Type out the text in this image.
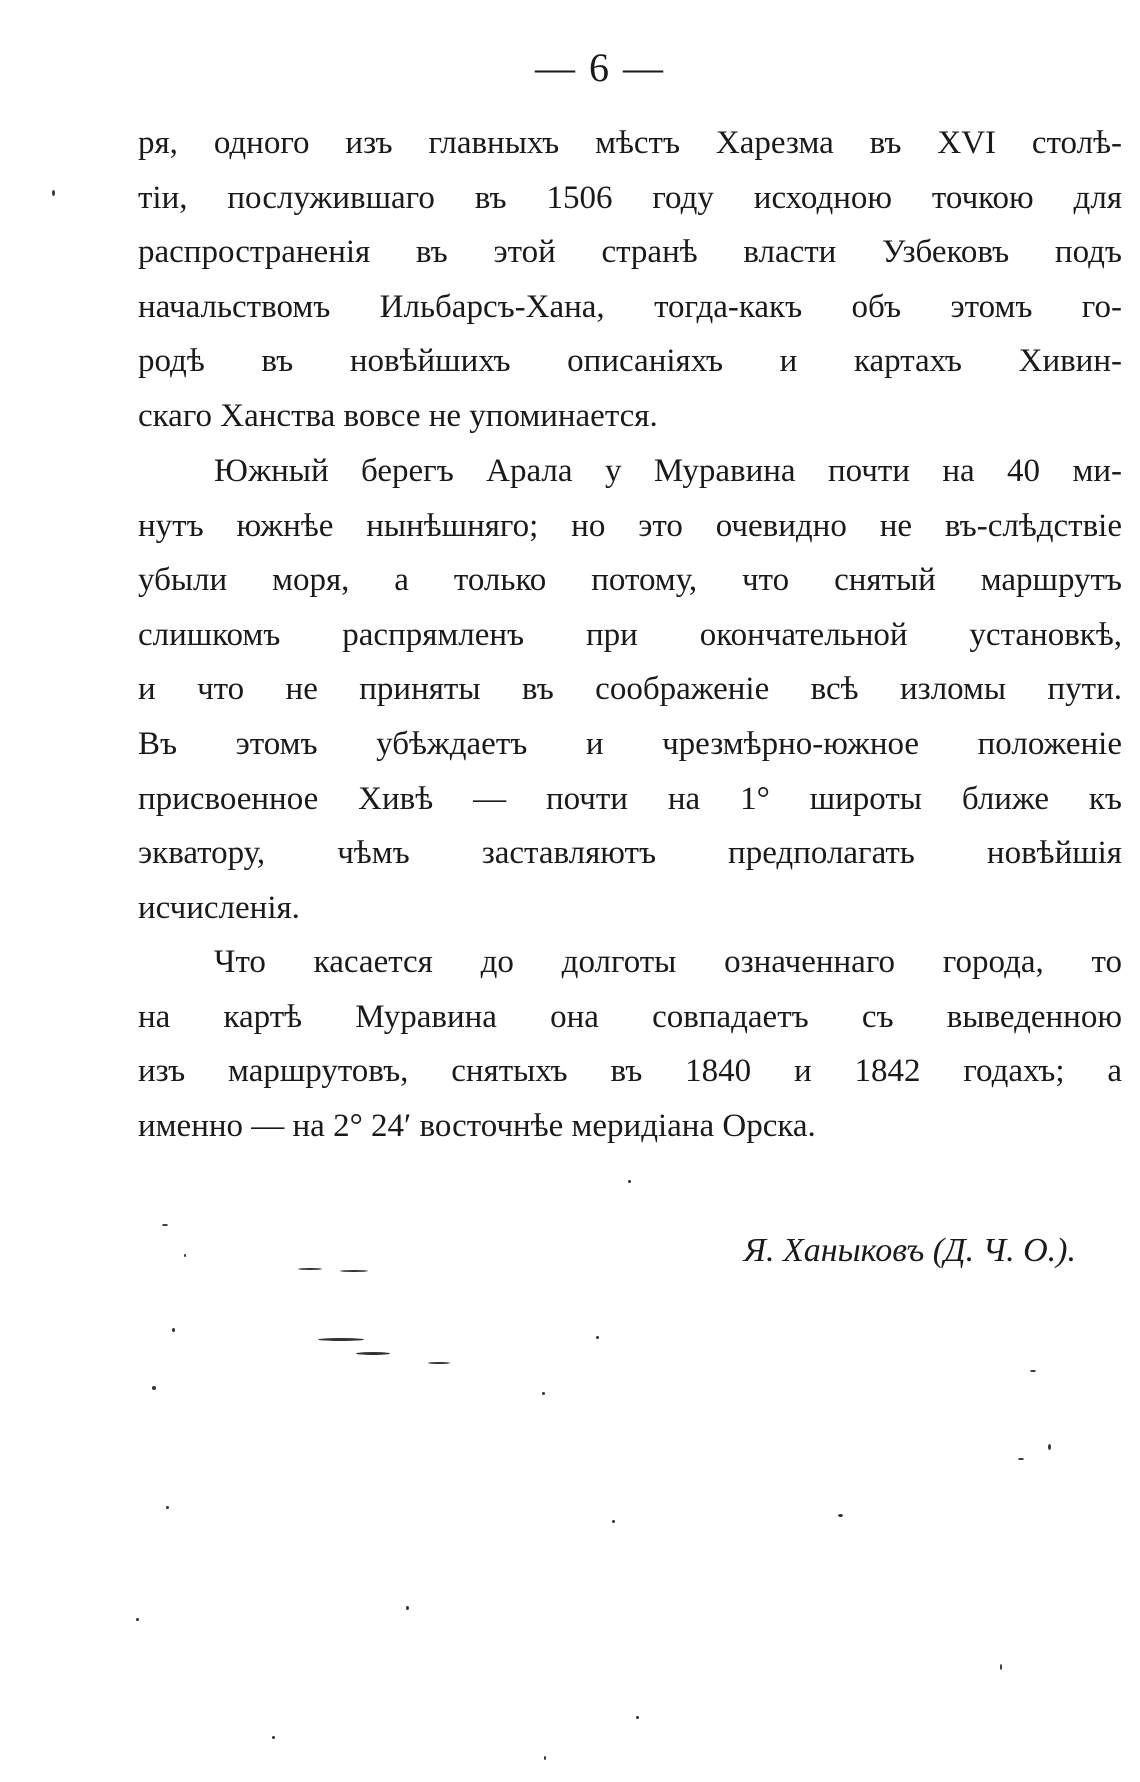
— 6 —
ря, одного изъ главныхъ мѣстъ Харезма въ XVI столѣ-
тіи, послужившаго въ 1506 году исходною точкою для
распространенія въ этой странѣ власти Узбековъ подъ
начальствомъ Ильбарсъ-Хана, тогда-какъ объ этомъ го-
родѣ въ новѣйшихъ описаніяхъ и картахъ Хивин-
скаго Ханства вовсе не упоминается.
Южный берегъ Арала у Муравина почти на 40 ми-
нутъ южнѣе нынѣшняго; но это очевидно не въ-слѣдствіе
убыли моря, а только потому, что снятый маршрутъ
слишкомъ распрямленъ при окончательной установкѣ,
и что не приняты въ соображеніе всѣ изломы пути.
Въ этомъ убѣждаетъ и чрезмѣрно-южное положеніе
присвоенное Хивѣ — почти на 1° широты ближе къ
экватору, чѣмъ заставляютъ предполагать новѣйшія
исчисленія.
Что касается до долготы означеннаго города, то
на картѣ Муравина она совпадаетъ съ выведенною
изъ маршрутовъ, снятыхъ въ 1840 и 1842 годахъ; а
именно — на 2° 24′ восточнѣе меридіана Орска.
Я. Ханыковъ (Д. Ч. О.).
